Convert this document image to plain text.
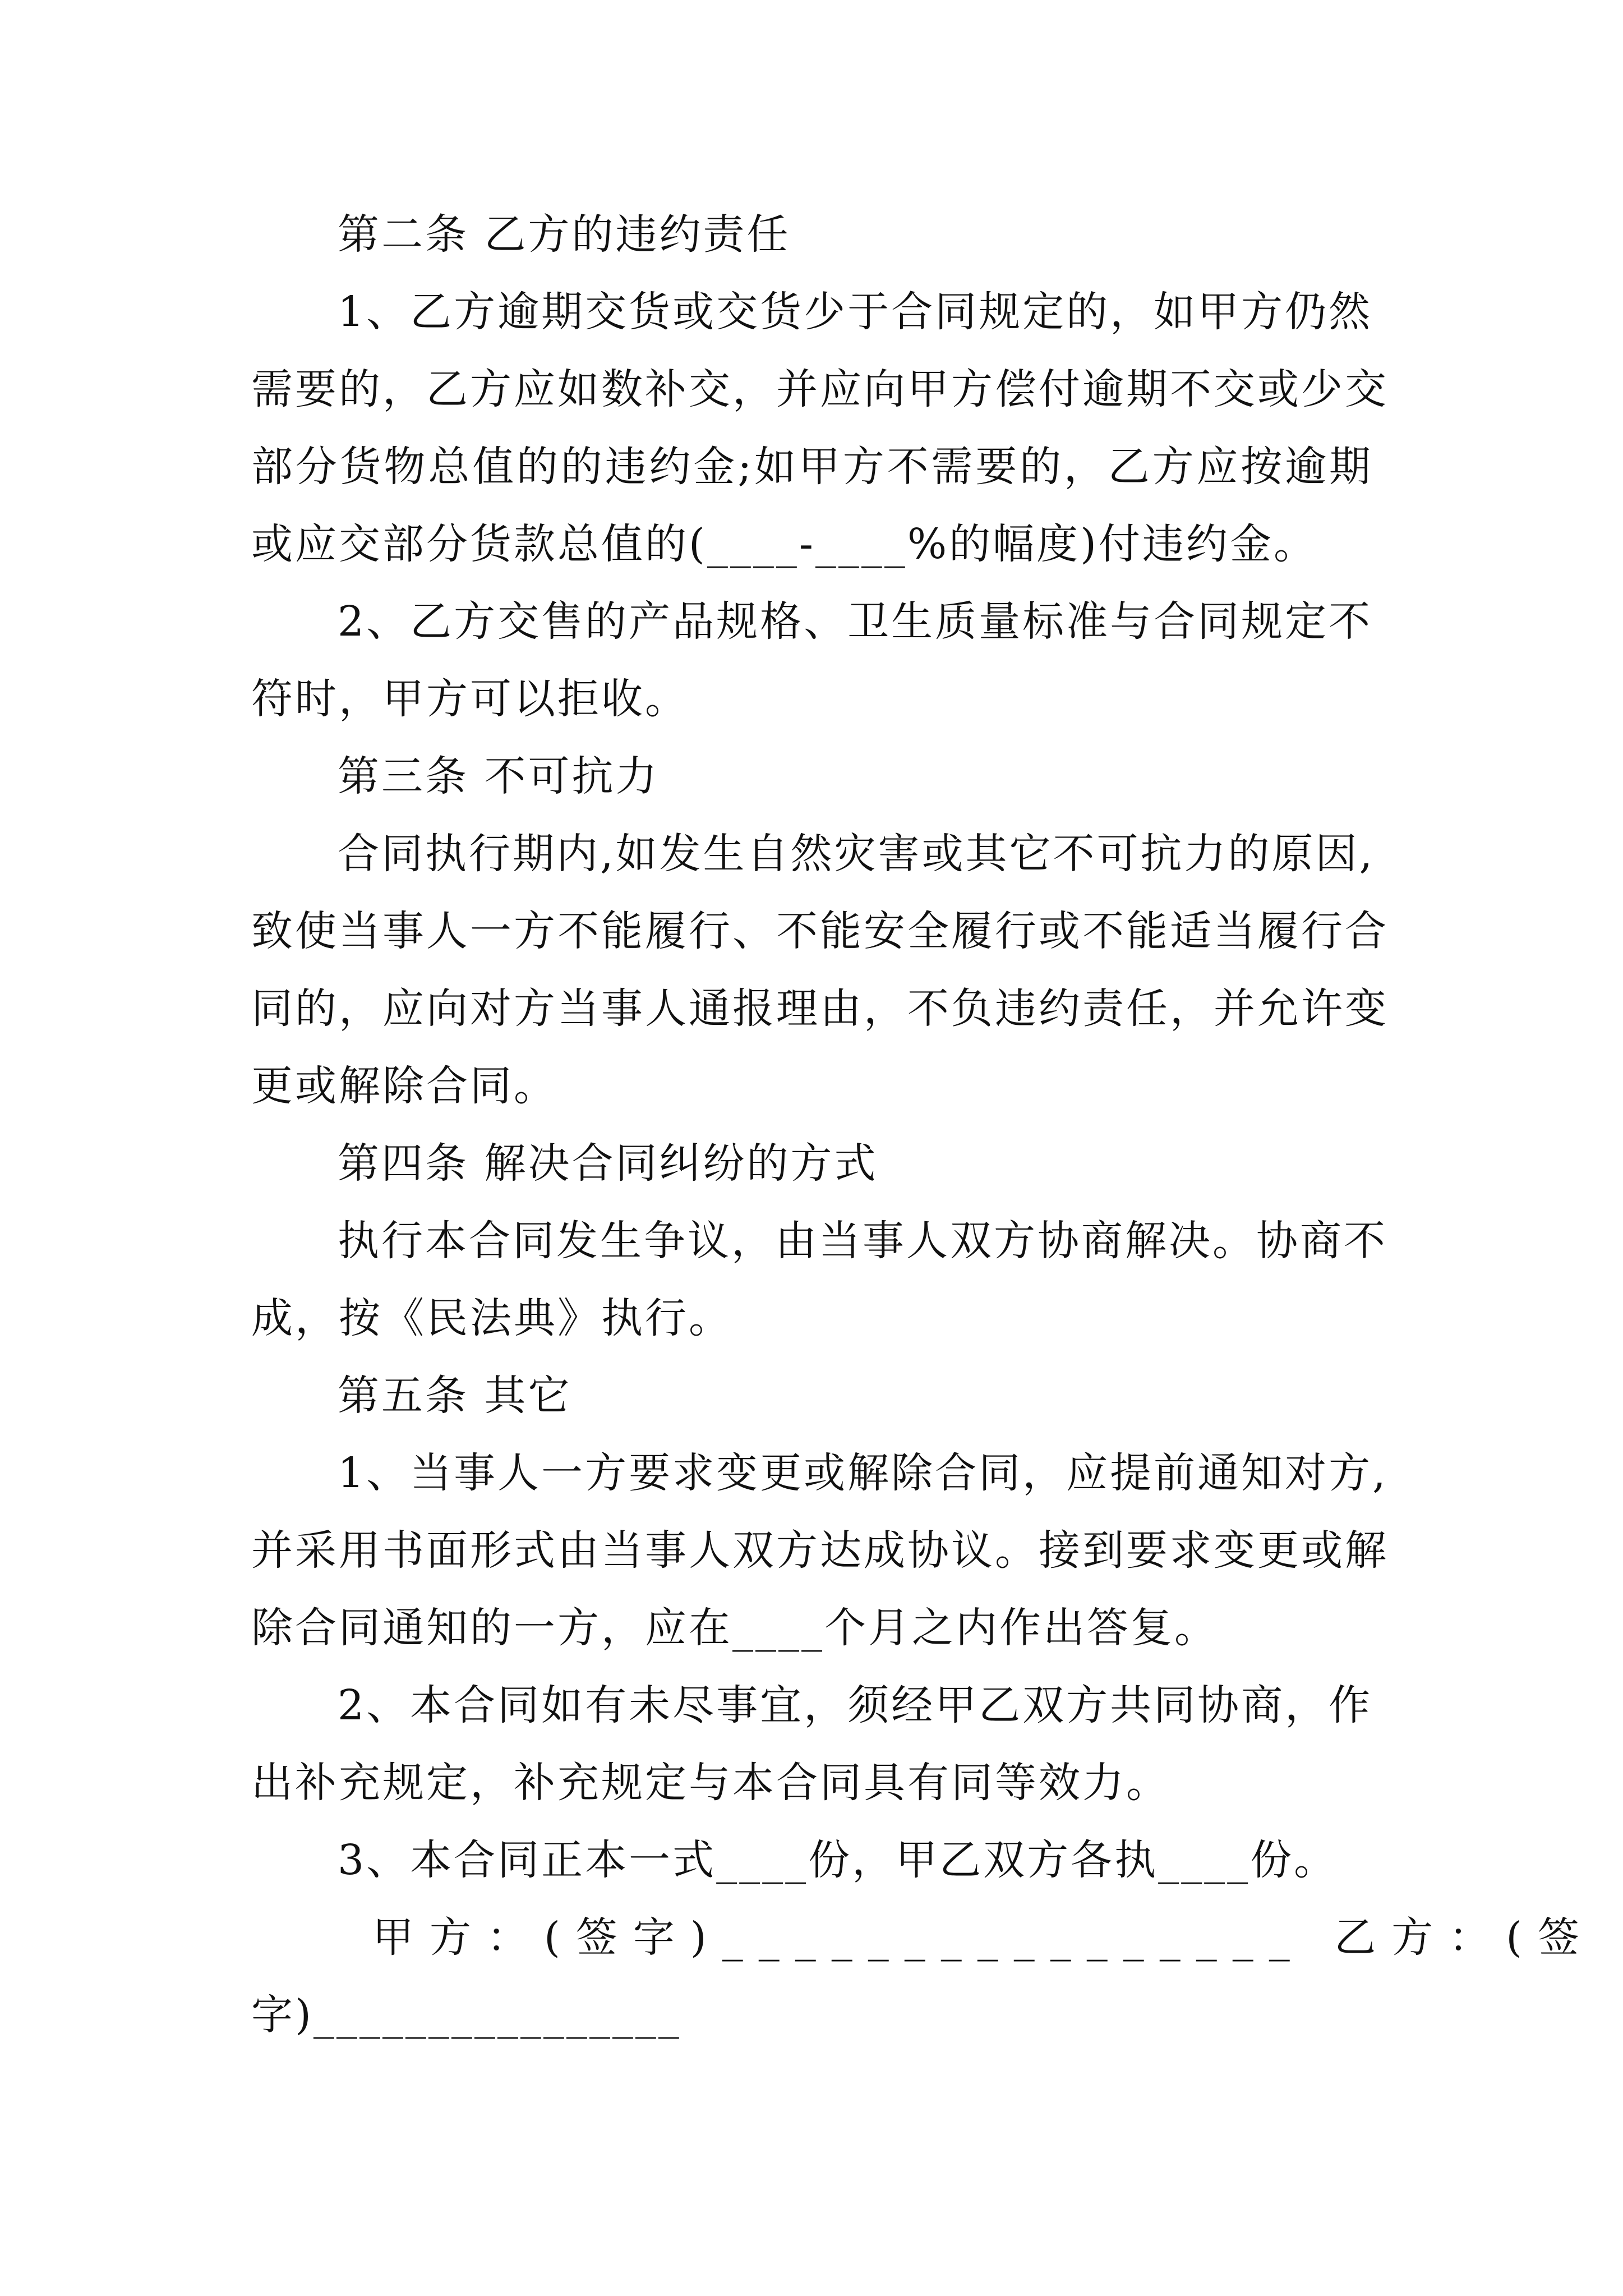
第二条 乙方的违约责任
1、乙方逾期交货或交货少于合同规定的，如甲方仍然
需要的，乙方应如数补交，并应向甲方偿付逾期不交或少交
部分货物总值的的违约金;如甲方不需要的，乙方应按逾期
或应交部分货款总值的(____-____%的幅度)付违约金。
2、乙方交售的产品规格、卫生质量标准与合同规定不
符时，甲方可以拒收。
第三条 不可抗力
合同执行期内,如发生自然灾害或其它不可抗力的原因,
致使当事人一方不能履行、不能安全履行或不能适当履行合
同的，应向对方当事人通报理由，不负违约责任，并允许变
更或解除合同。
第四条 解决合同纠纷的方式
执行本合同发生争议，由当事人双方协商解决。协商不
成，按《民法典》执行。
第五条 其它
1、当事人一方要求变更或解除合同，应提前通知对方,
并采用书面形式由当事人双方达成协议。接到要求变更或解
除合同通知的一方，应在____个月之内作出答复。
2、本合同如有未尽事宜，须经甲乙双方共同协商，作
出补充规定，补充规定与本合同具有同等效力。
3、本合同正本一式____份，甲乙双方各执____份。
甲方：(签字)________________ 乙方：(签
字)________________
